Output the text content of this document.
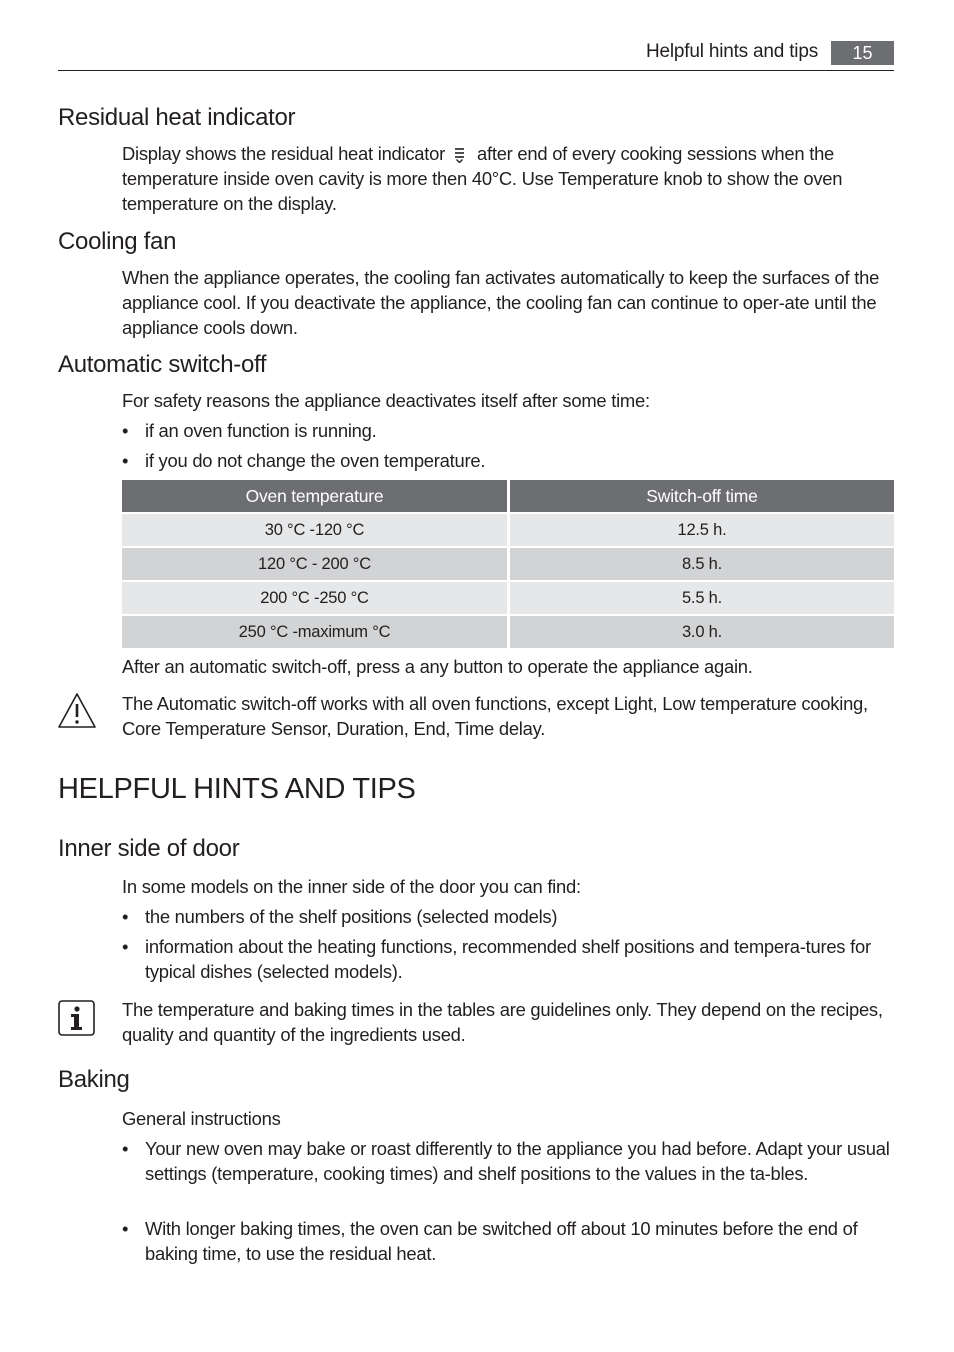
Helpful hints and tips	15
Residual heat indicator
Display shows the residual heat indicator after end of every cooking sessions when the temperature inside oven cavity is more then 40°C. Use Temperature knob to show the oven temperature on the display.
Cooling fan
When the appliance operates, the cooling fan activates automatically to keep the surfaces of the appliance cool. If you deactivate the appliance, the cooling fan can continue to oper-ate until the appliance cools down.
Automatic switch-off
For safety reasons the appliance deactivates itself after some time:
• if an oven function is running.
• if you do not change the oven temperature.
Oven temperature	Switch-off time
30 °C -120 °C	12.5 h.
120 °C - 200 °C	8.5 h.
200 °C -250 °C	5.5 h.
250 °C -maximum °C	3.0 h.
After an automatic switch-off, press a any button to operate the appliance again.
The Automatic switch-off works with all oven functions, except Light, Low temperature cooking, Core Temperature Sensor, Duration, End, Time delay.
HELPFUL HINTS AND TIPS
Inner side of door
In some models on the inner side of the door you can find:
• the numbers of the shelf positions (selected models)
• information about the heating functions, recommended shelf positions and tempera-tures for typical dishes (selected models).
The temperature and baking times in the tables are guidelines only. They depend on the recipes, quality and quantity of the ingredients used.
Baking
General instructions
• Your new oven may bake or roast differently to the appliance you had before. Adapt your usual settings (temperature, cooking times) and shelf positions to the values in the ta-bles.
• With longer baking times, the oven can be switched off about 10 minutes before the end of baking time, to use the residual heat.
